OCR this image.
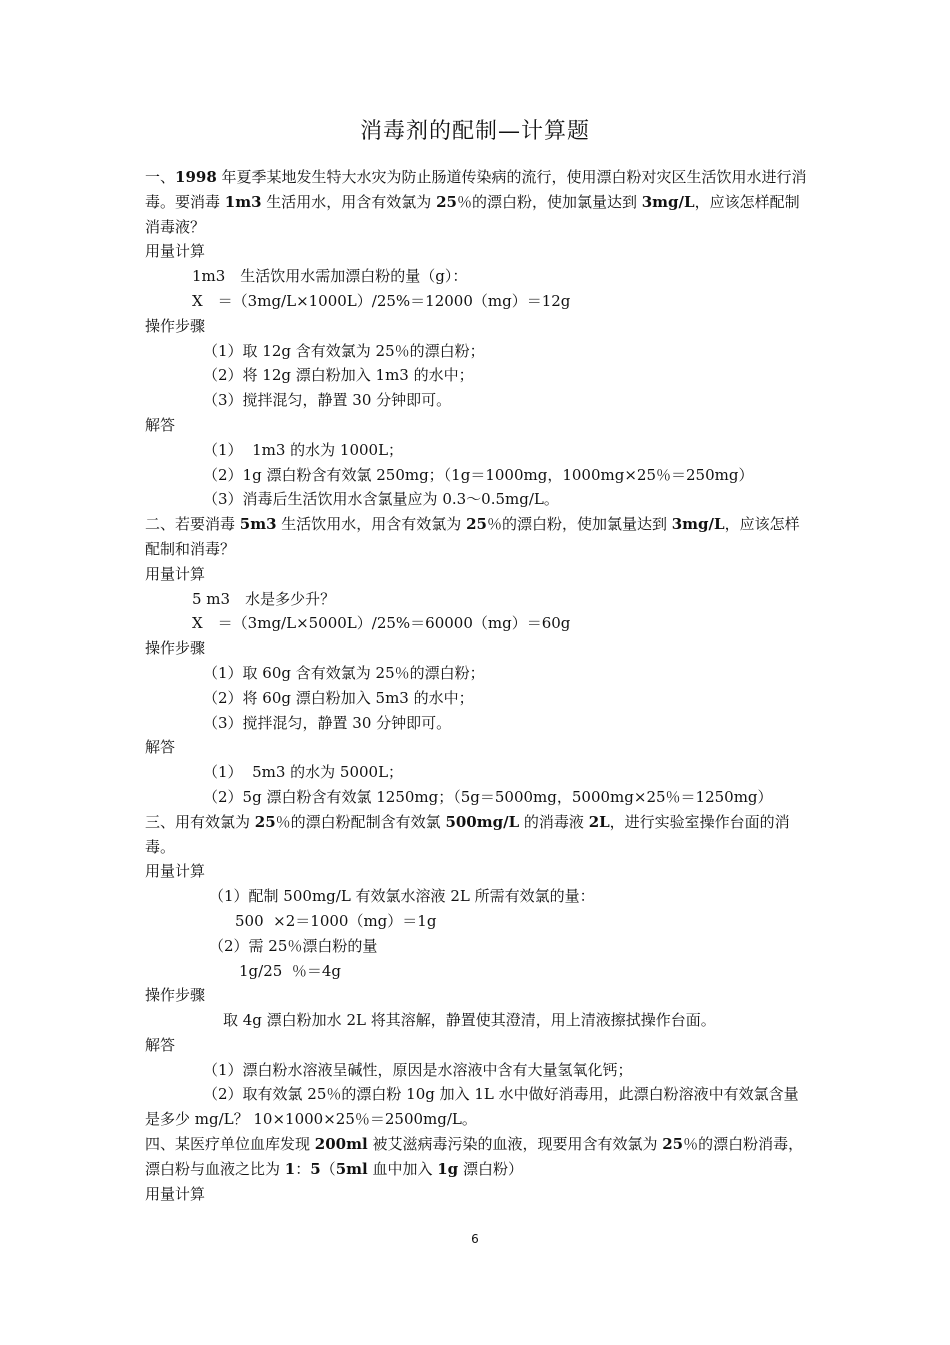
消毒剂的配制—计算题

一、1998 年夏季某地发生特大水灾为防止肠道传染病的流行，使用漂白粉对灾区生活饮用水进行消毒。要消毒 1m3 生活用水，用含有效氯为 25％的漂白粉，使加氯量达到 3mg/L，应该怎样配制消毒液？

用量计算

1m3　生活饮用水需加漂白粉的量（g）：

X　＝（3mg/L×1000L）/25%＝12000（mg）＝12g

操作步骤

（1）取 12g 含有效氯为 25％的漂白粉；

（2）将 12g 漂白粉加入 1m3 的水中；

（3）搅拌混匀，静置 30 分钟即可。

解答

（1）  1m3 的水为 1000L；

（2）1g 漂白粉含有效氯 250mg；（1g＝1000mg，1000mg×25％＝250mg）

（3）消毒后生活饮用水含氯量应为 0.3～0.5mg/L。

二、若要消毒 5m3 生活饮用水，用含有效氯为 25％的漂白粉，使加氯量达到 3mg/L，应该怎样配制和消毒？

用量计算

5 m3　水是多少升？

X　＝（3mg/L×5000L）/25%＝60000（mg）＝60g

操作步骤

（1）取 60g 含有效氯为 25％的漂白粉；

（2）将 60g 漂白粉加入 5m3 的水中；

（3）搅拌混匀，静置 30 分钟即可。

解答

（1）  5m3 的水为 5000L；

（2）5g 漂白粉含有效氯 1250mg；（5g＝5000mg，5000mg×25％＝1250mg）

三、用有效氯为 25％的漂白粉配制含有效氯 500mg/L 的消毒液 2L，进行实验室操作台面的消毒。

用量计算

（1）配制 500mg/L 有效氯水溶液 2L 所需有效氯的量：

500  ×2＝1000（mg）＝1g

（2）需 25％漂白粉的量

1g/25  ％＝4g

操作步骤

取 4g 漂白粉加水 2L 将其溶解，静置使其澄清，用上清液擦拭操作台面。

解答

（1）漂白粉水溶液呈碱性，原因是水溶液中含有大量氢氧化钙；

（2）取有效氯 25％的漂白粉 10g 加入 1L 水中做好消毒用，此漂白粉溶液中有效氯含量是多少 mg/L？ 10×1000×25％＝2500mg/L。

四、某医疗单位血库发现 200ml 被艾滋病毒污染的血液，现要用含有效氯为 25％的漂白粉消毒，漂白粉与血液之比为 1：5（5ml 血中加入 1g 漂白粉）

用量计算

6
